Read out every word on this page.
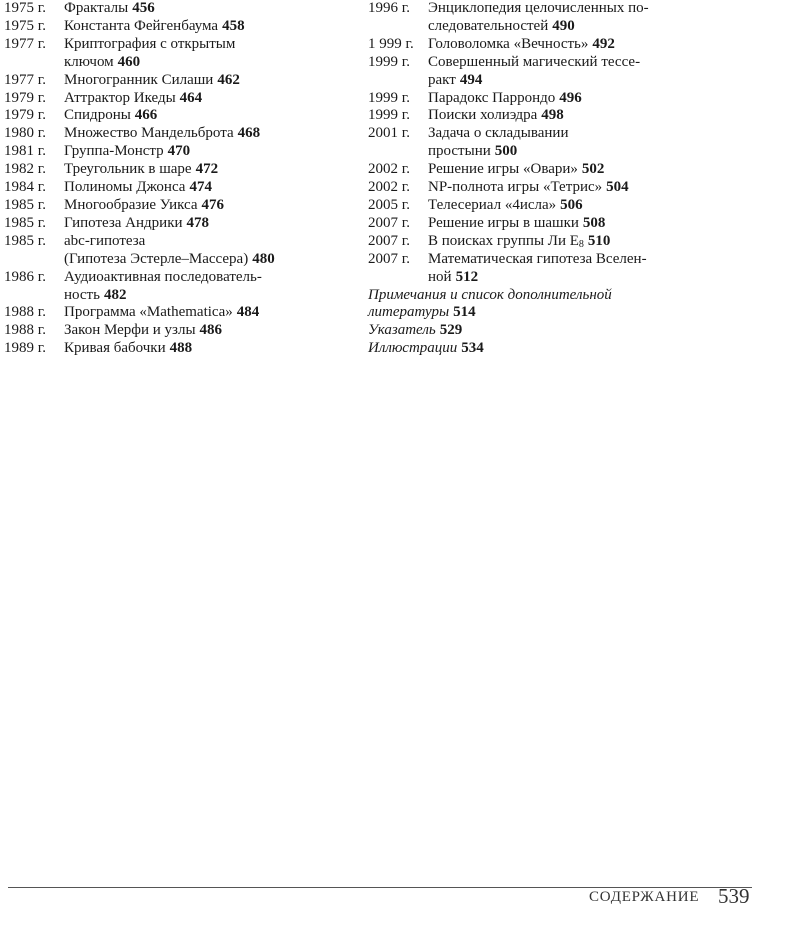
1975 г.	Фракталы 456
1975 г.	Константа Фейгенбаума 458
1977 г.	Криптография с открытым
ключом 460
1977 г.	Многогранник Силаши 462
1979 г.	Аттрактор Икеды 464
1979 г.	Спидроны 466
1980 г.	Множество Мандельброта 468
1981 г.	Группа-Монстр 470
1982 г.	Треугольник в шаре 472
1984 г.	Полиномы Джонса 474
1985 г.	Многообразие Уикса 476
1985 г.	Гипотеза Андрики 478
1985 г.	abc-гипотеза
(Гипотеза Эстерле–Массера) 480
1986 г.	Аудиоактивная последователь-
ность 482
1988 г.	Программа «Mathematica» 484
1988 г.	Закон Мерфи и узлы 486
1989 г.	Кривая бабочки 488
1996 г.	Энциклопедия целочисленных по-
следовательностей 490
1 999 г. Головоломка «Вечность» 492
1999 г.	Совершенный магический тессе-
ракт 494
1999 г.	Парадокс Паррондо 496
1999 г.	Поиски холиэдра 498
2001 г.	Задача о складывании
простыни 500
2002 г.	Решение игры «Овари» 502
2002 г.	NP-полнота игры «Тетрис» 504
2005 г.	Телесериал «4исла» 506
2007 г.	Решение игры в шашки 508
2007 г.	В поисках группы Ли $E_8$ 510
2007 г.	Математическая гипотеза Вселен-
ной 512
Примечания и список дополнительной
литературы 514
Указатель 529
Иллюстрации 534
СОДЕРЖАНИЕ 539
